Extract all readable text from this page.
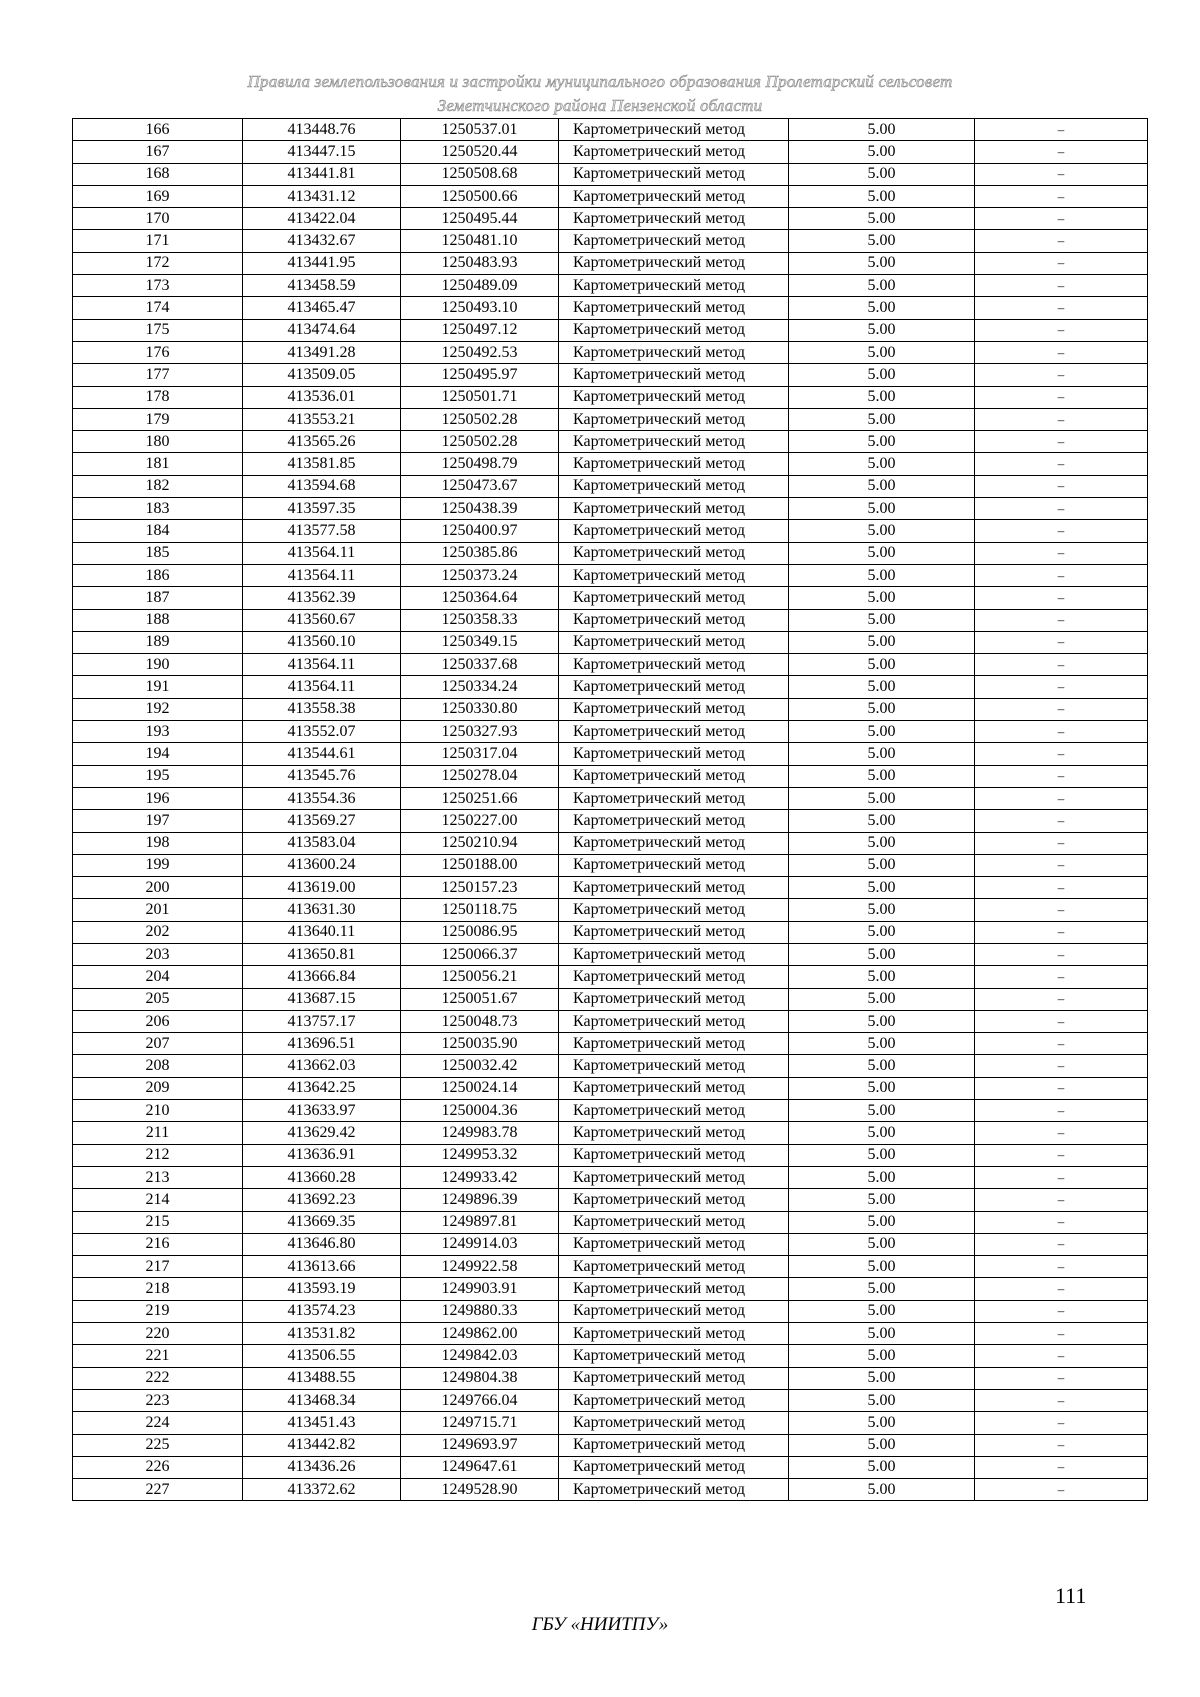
Правила землепользования и застройки муниципального образования Пролетарский сельсовет
Земетчинского района Пензенской области
166	413448.76	1250537.01	Картометрический метод	5.00	–
167	413447.15	1250520.44	Картометрический метод	5.00	–
168	413441.81	1250508.68	Картометрический метод	5.00	–
169	413431.12	1250500.66	Картометрический метод	5.00	–
170	413422.04	1250495.44	Картометрический метод	5.00	–
171	413432.67	1250481.10	Картометрический метод	5.00	–
172	413441.95	1250483.93	Картометрический метод	5.00	–
173	413458.59	1250489.09	Картометрический метод	5.00	–
174	413465.47	1250493.10	Картометрический метод	5.00	–
175	413474.64	1250497.12	Картометрический метод	5.00	–
176	413491.28	1250492.53	Картометрический метод	5.00	–
177	413509.05	1250495.97	Картометрический метод	5.00	–
178	413536.01	1250501.71	Картометрический метод	5.00	–
179	413553.21	1250502.28	Картометрический метод	5.00	–
180	413565.26	1250502.28	Картометрический метод	5.00	–
181	413581.85	1250498.79	Картометрический метод	5.00	–
182	413594.68	1250473.67	Картометрический метод	5.00	–
183	413597.35	1250438.39	Картометрический метод	5.00	–
184	413577.58	1250400.97	Картометрический метод	5.00	–
185	413564.11	1250385.86	Картометрический метод	5.00	–
186	413564.11	1250373.24	Картометрический метод	5.00	–
187	413562.39	1250364.64	Картометрический метод	5.00	–
188	413560.67	1250358.33	Картометрический метод	5.00	–
189	413560.10	1250349.15	Картометрический метод	5.00	–
190	413564.11	1250337.68	Картометрический метод	5.00	–
191	413564.11	1250334.24	Картометрический метод	5.00	–
192	413558.38	1250330.80	Картометрический метод	5.00	–
193	413552.07	1250327.93	Картометрический метод	5.00	–
194	413544.61	1250317.04	Картометрический метод	5.00	–
195	413545.76	1250278.04	Картометрический метод	5.00	–
196	413554.36	1250251.66	Картометрический метод	5.00	–
197	413569.27	1250227.00	Картометрический метод	5.00	–
198	413583.04	1250210.94	Картометрический метод	5.00	–
199	413600.24	1250188.00	Картометрический метод	5.00	–
200	413619.00	1250157.23	Картометрический метод	5.00	–
201	413631.30	1250118.75	Картометрический метод	5.00	–
202	413640.11	1250086.95	Картометрический метод	5.00	–
203	413650.81	1250066.37	Картометрический метод	5.00	–
204	413666.84	1250056.21	Картометрический метод	5.00	–
205	413687.15	1250051.67	Картометрический метод	5.00	–
206	413757.17	1250048.73	Картометрический метод	5.00	–
207	413696.51	1250035.90	Картометрический метод	5.00	–
208	413662.03	1250032.42	Картометрический метод	5.00	–
209	413642.25	1250024.14	Картометрический метод	5.00	–
210	413633.97	1250004.36	Картометрический метод	5.00	–
211	413629.42	1249983.78	Картометрический метод	5.00	–
212	413636.91	1249953.32	Картометрический метод	5.00	–
213	413660.28	1249933.42	Картометрический метод	5.00	–
214	413692.23	1249896.39	Картометрический метод	5.00	–
215	413669.35	1249897.81	Картометрический метод	5.00	–
216	413646.80	1249914.03	Картометрический метод	5.00	–
217	413613.66	1249922.58	Картометрический метод	5.00	–
218	413593.19	1249903.91	Картометрический метод	5.00	–
219	413574.23	1249880.33	Картометрический метод	5.00	–
220	413531.82	1249862.00	Картометрический метод	5.00	–
221	413506.55	1249842.03	Картометрический метод	5.00	–
222	413488.55	1249804.38	Картометрический метод	5.00	–
223	413468.34	1249766.04	Картометрический метод	5.00	–
224	413451.43	1249715.71	Картометрический метод	5.00	–
225	413442.82	1249693.97	Картометрический метод	5.00	–
226	413436.26	1249647.61	Картометрический метод	5.00	–
227	413372.62	1249528.90	Картометрический метод	5.00	–
111
ГБУ «НИИТПУ»
